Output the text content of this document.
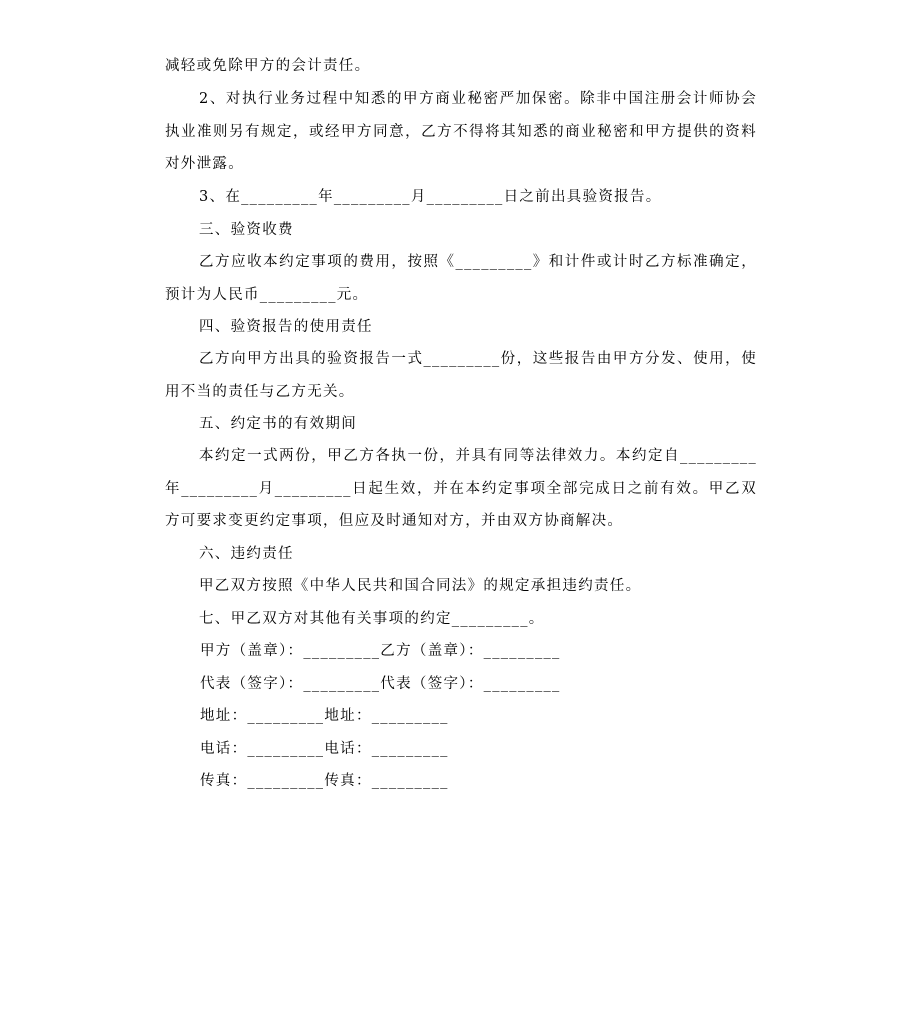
减轻或免除甲方的会计责任。

2、对执行业务过程中知悉的甲方商业秘密严加保密。除非中国注册会计师协会执业准则另有规定，或经甲方同意，乙方不得将其知悉的商业秘密和甲方提供的资料对外泄露。

3、在_________年_________月_________日之前出具验资报告。

三、验资收费

乙方应收本约定事项的费用，按照《_________》和计件或计时乙方标准确定，预计为人民币_________元。

四、验资报告的使用责任

乙方向甲方出具的验资报告一式_________份，这些报告由甲方分发、使用，使用不当的责任与乙方无关。

五、约定书的有效期间

本约定一式两份，甲乙方各执一份，并具有同等法律效力。本约定自_________年_________月_________日起生效，并在本约定事项全部完成日之前有效。甲乙双方可要求变更约定事项，但应及时通知对方，并由双方协商解决。

六、违约责任

甲乙双方按照《中华人民共和国合同法》的规定承担违约责任。

七、甲乙双方对其他有关事项的约定_________。

甲方（盖章）：_________乙方（盖章）：_________
代表（签字）：_________代表（签字）：_________
地址：_________地址：_________
电话：_________电话：_________
传真：_________传真：_________
